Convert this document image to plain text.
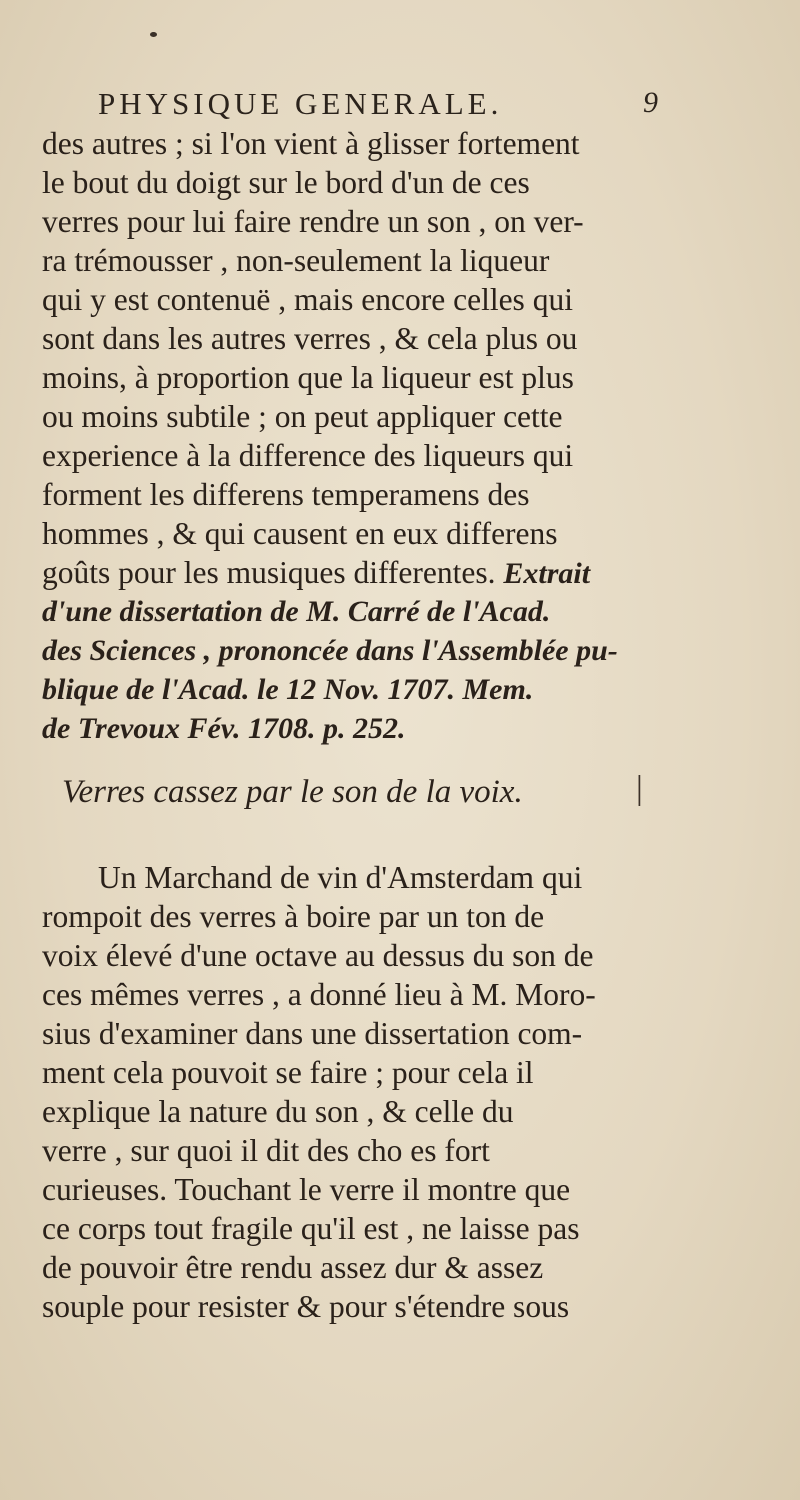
PHYSIQUE GENERALE.	9
des autres ; si l'on vient à glisser fortement
le bout du doigt sur le bord d'un de ces
verres pour lui faire rendre un son , on ver-
ra trémousser , non-seulement la liqueur
qui y est contenuë , mais encore celles qui
sont dans les autres verres , & cela plus ou
moins, à proportion que la liqueur est plus
ou moins subtile ; on peut appliquer cette
experience à la difference des liqueurs qui
forment les differens temperamens des
hommes , & qui causent en eux differens
goûts pour les musiques differentes. Extrait
d'une dissertation de M. Carré de l'Acad.
des Sciences , prononcée dans l'Assemblée pu-
blique de l'Acad. le 12 Nov. 1707. Mem.
de Trevoux Fév. 1708. p. 252.
Verres cassez par le son de la voix.	|
Un Marchand de vin d'Amsterdam qui
rompoit des verres à boire par un ton de
voix élevé d'une octave au dessus du son de
ces mêmes verres , a donné lieu à M. Moro-
sius d'examiner dans une dissertation com-
ment cela pouvoit se faire ; pour cela il
explique la nature du son , & celle du
verre , sur quoi il dit des cho es fort
curieuses. Touchant le verre il montre que
ce corps tout fragile qu'il est , ne laisse pas
de pouvoir être rendu assez dur & assez
souple pour resister & pour s'étendre sous
